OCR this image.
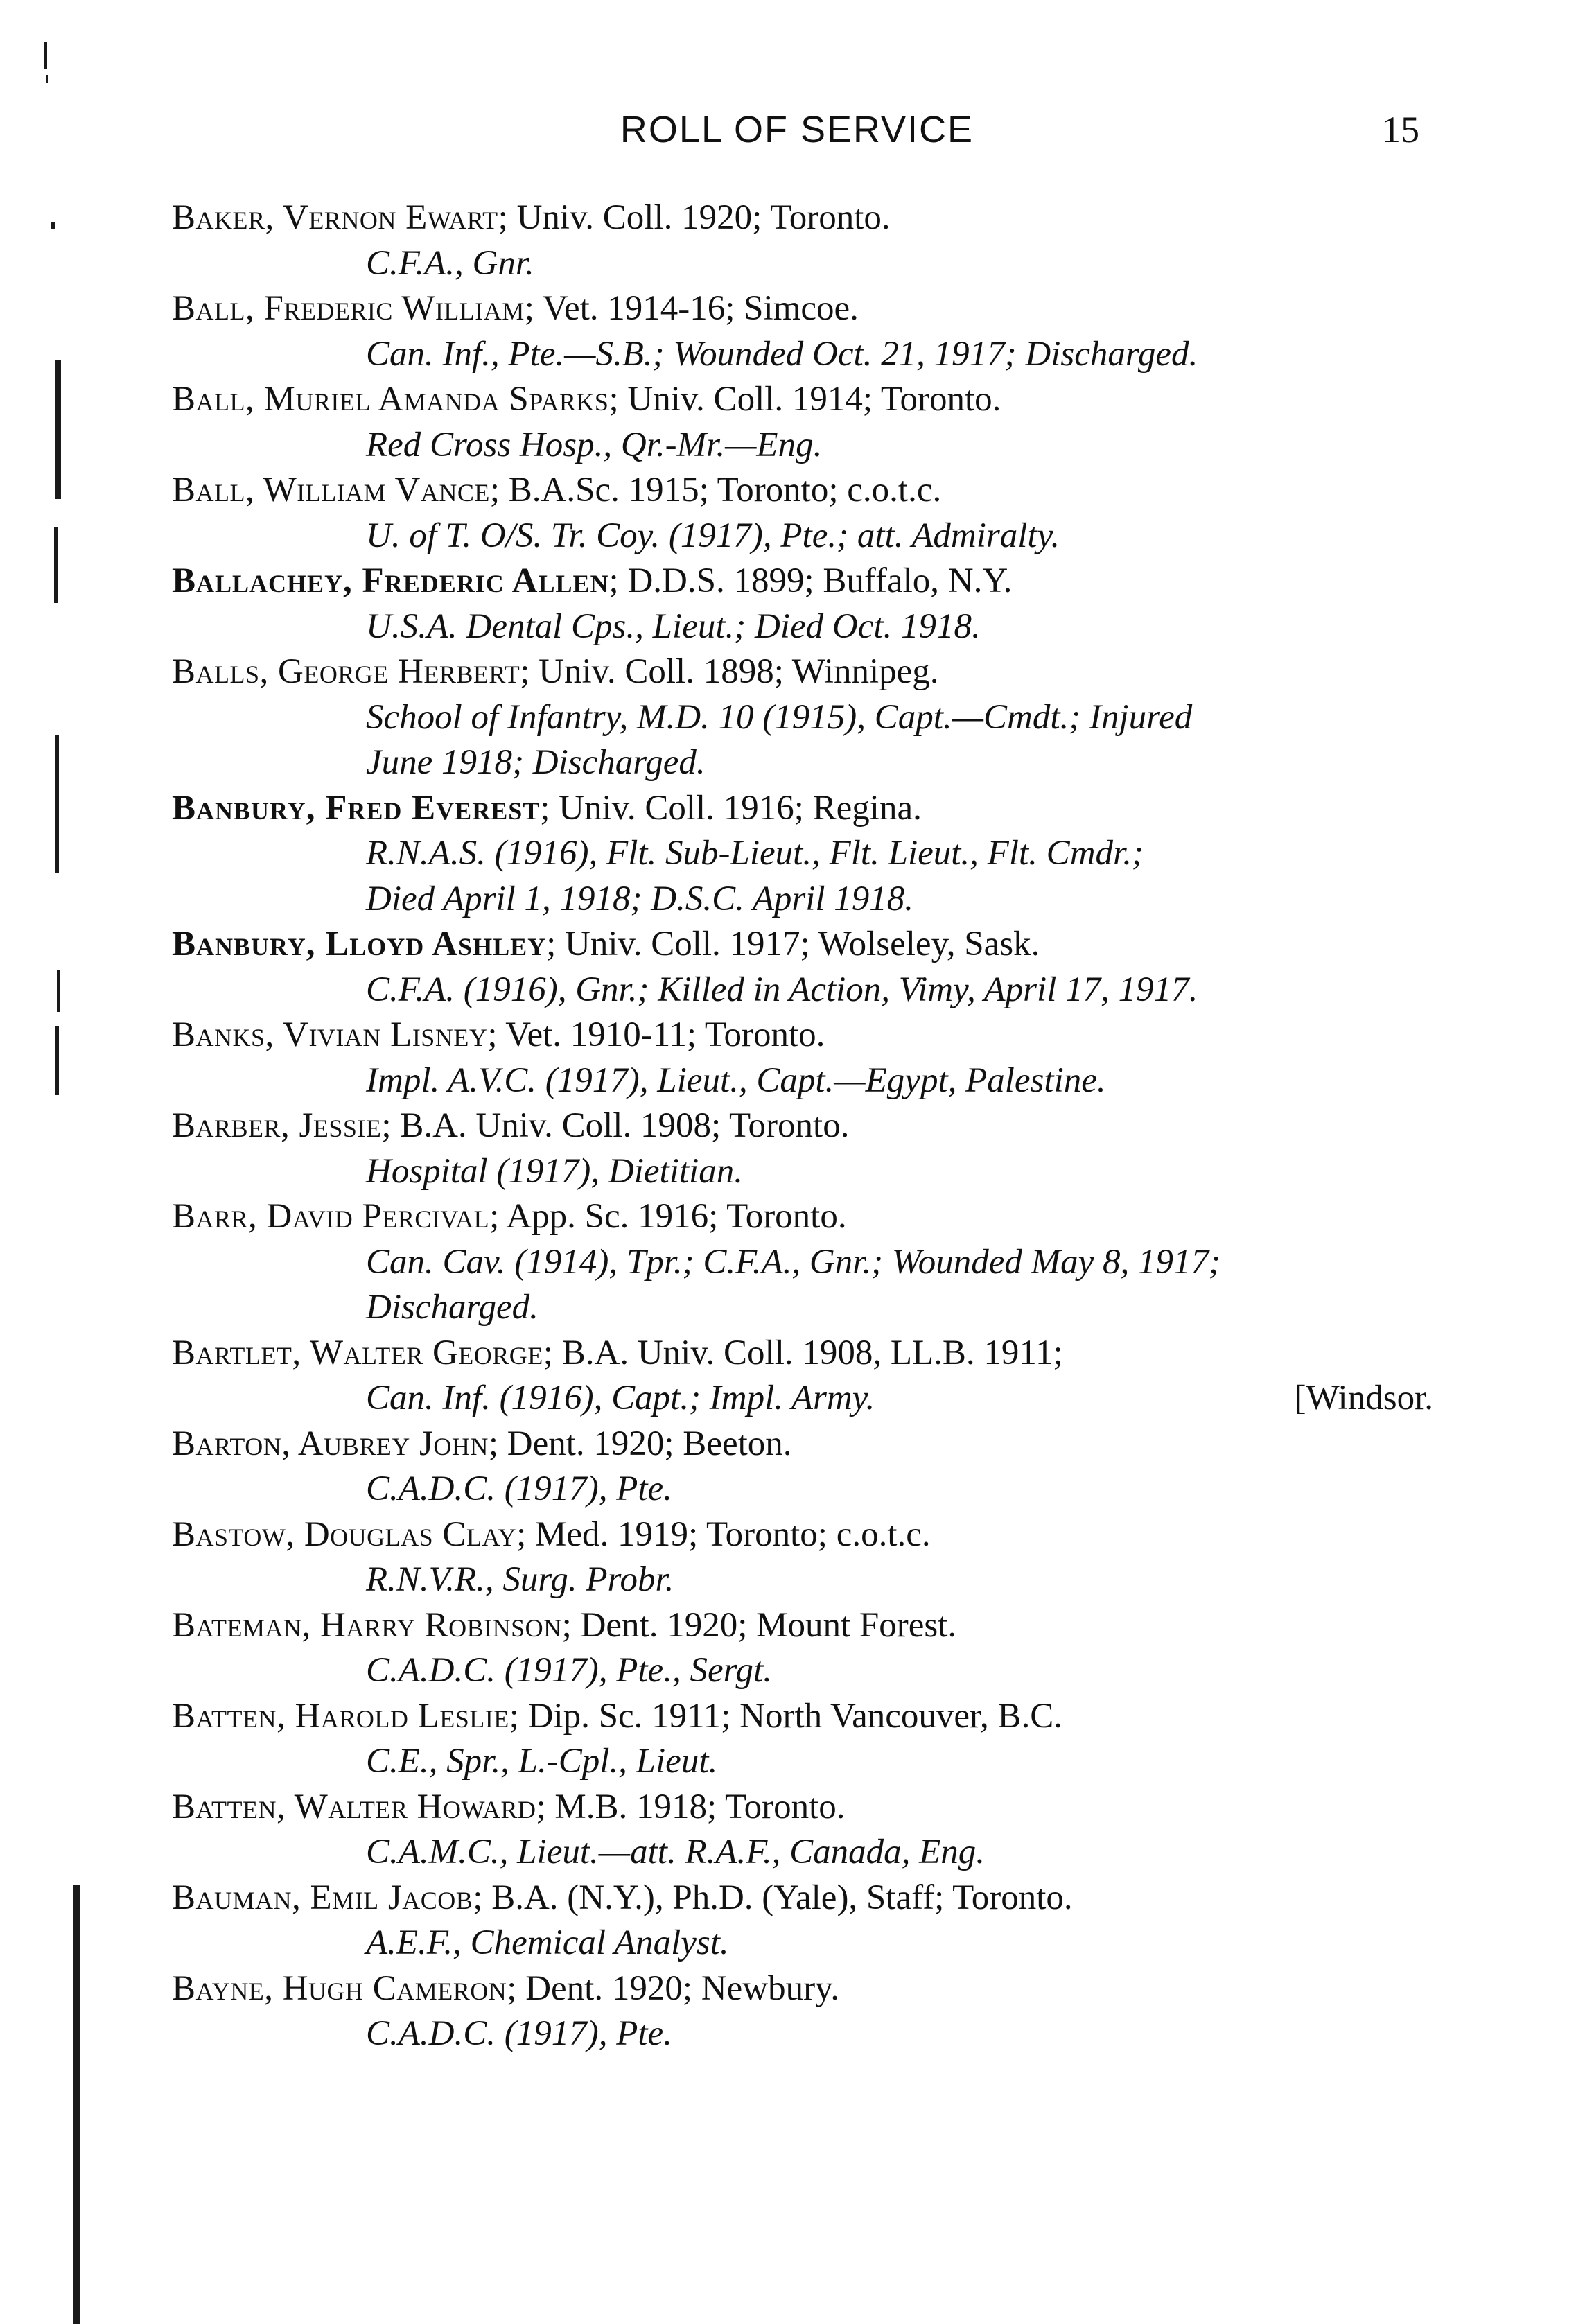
ROLL OF SERVICE	15
Baker, Vernon Ewart; Univ. Coll. 1920; Toronto.
C.F.A., Gnr.
Ball, Frederic William; Vet. 1914-16; Simcoe.
Can. Inf., Pte.—S.B.; Wounded Oct. 21, 1917; Discharged.
Ball, Muriel Amanda Sparks; Univ. Coll. 1914; Toronto.
Red Cross Hosp., Qr.-Mr.—Eng.
Ball, William Vance; B.A.Sc. 1915; Toronto; c.o.t.c.
U. of T. O/S. Tr. Coy. (1917), Pte.; att. Admiralty.
Ballachey, Frederic Allen; D.D.S. 1899; Buffalo, N.Y.
U.S.A. Dental Cps., Lieut.; Died Oct. 1918.
Balls, George Herbert; Univ. Coll. 1898; Winnipeg.
School of Infantry, M.D. 10 (1915), Capt.—Cmdt.; Injured
June 1918; Discharged.
Banbury, Fred Everest; Univ. Coll. 1916; Regina.
R.N.A.S. (1916), Flt. Sub-Lieut., Flt. Lieut., Flt. Cmdr.;
Died April 1, 1918; D.S.C. April 1918.
Banbury, Lloyd Ashley; Univ. Coll. 1917; Wolseley, Sask.
C.F.A. (1916), Gnr.; Killed in Action, Vimy, April 17, 1917.
Banks, Vivian Lisney; Vet. 1910-11; Toronto.
Impl. A.V.C. (1917), Lieut., Capt.—Egypt, Palestine.
Barber, Jessie; B.A. Univ. Coll. 1908; Toronto.
Hospital (1917), Dietitian.
Barr, David Percival; App. Sc. 1916; Toronto.
Can. Cav. (1914), Tpr.; C.F.A., Gnr.; Wounded May 8, 1917;
Discharged.
Bartlet, Walter George; B.A. Univ. Coll. 1908, LL.B. 1911;
Can. Inf. (1916), Capt.; Impl. Army.	[Windsor.
Barton, Aubrey John; Dent. 1920; Beeton.
C.A.D.C. (1917), Pte.
Bastow, Douglas Clay; Med. 1919; Toronto; c.o.t.c.
R.N.V.R., Surg. Probr.
Bateman, Harry Robinson; Dent. 1920; Mount Forest.
C.A.D.C. (1917), Pte., Sergt.
Batten, Harold Leslie; Dip. Sc. 1911; North Vancouver, B.C.
C.E., Spr., L.-Cpl., Lieut.
Batten, Walter Howard; M.B. 1918; Toronto.
C.A.M.C., Lieut.—att. R.A.F., Canada, Eng.
Bauman, Emil Jacob; B.A. (N.Y.), Ph.D. (Yale), Staff; Toronto.
A.E.F., Chemical Analyst.
Bayne, Hugh Cameron; Dent. 1920; Newbury.
C.A.D.C. (1917), Pte.
